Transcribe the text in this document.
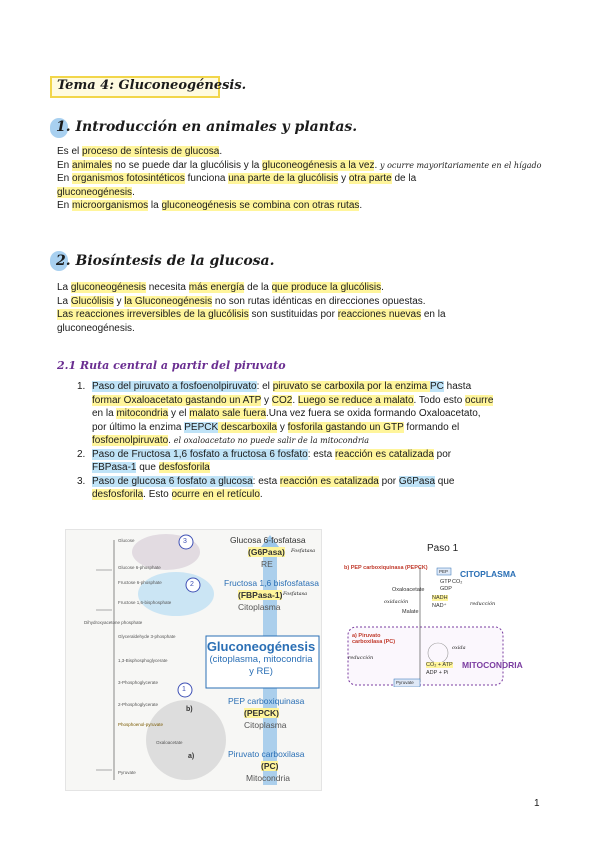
Tema 4: Gluconeogénesis.
1. Introducción en animales y plantas.
Es el proceso de síntesis de glucosa.
En animales no se puede dar la glucólisis y la gluconeogénesis a la vez. y ocurre mayoritariamente en el hígado
En organismos fotosintéticos funciona una parte de la glucólisis y otra parte de la
gluconeogénesis.
En microorganismos la gluconeogénesis se combina con otras rutas.
2. Biosíntesis de la glucosa.
La gluconeogénesis necesita más energía de la que produce la glucólisis.
La Glucólisis y la Gluconeogénesis no son rutas idénticas en direcciones opuestas.
Las reacciones irreversibles de la glucólisis son sustituidas por reacciones nuevas en la
gluconeogénesis.
2.1 Ruta central a partir del piruvato
1. Paso del piruvato a fosfoenolpiruvato: el piruvato se carboxila por la enzima PC hasta
formar Oxaloacetato gastando un ATP y CO2. Luego se reduce a malato. Todo esto ocurre
en la mitocondria y el malato sale fuera.Una vez fuera se oxida formando Oxaloacetato,
por último la enzima PEPCK descarboxila y fosforila gastando un GTP formando el
fosfoenolpiruvato. el oxaloacetato no puede salir de la mitocondria
2. Paso de Fructosa 1,6 fosfato a fructosa 6 fosfato: esta reacción es catalizada por
FBPasa-1 que desfosforila
3. Paso de glucosa 6 fosfato a glucosa: esta reacción es catalizada por G6Pasa que
desfosforila. Esto ocurre en el retículo.
3
2
1
b)
a)
Glucose
Glucose 6-phosphate
Fructose 6-phosphate
Fructose 1,6-bisphosphate
Dihydroxyacetone phosphate
Glyceraldehyde 3-phosphate
1,3-Bisphosphoglycerate
3-Phosphoglycerate
2-Phosphoglycerate
Phosphoenol-pyruvate
Oxaloacetate
Pyruvate
Glucosa 6-fosfatasa
(G6Pasa) Fosfatasa
RE
Fructosa 1,6 bisfosfatasa
(FBPasa-1) Fosfatasa
Citoplasma
Gluconeogénesis
(citoplasma, mitocondria y RE)
PEP carboxiquinasa
(PEPCK)
Citoplasma
Piruvato carboxilasa
(PC)
Mitocondria
Paso 1
b) PEP carboxiquinasa (PEPCK)
CITOPLASMA
MITOCONDRIA
a) Piruvato carboxilasa (PC)
PEP
Oxaloacetate
Malate
NADH
NAD⁺
Pyruvate
CO₂ + ATP
ADP + Pi
GTP
GDP
CO₂
oxidación	reducción
oxida
reducción
1
